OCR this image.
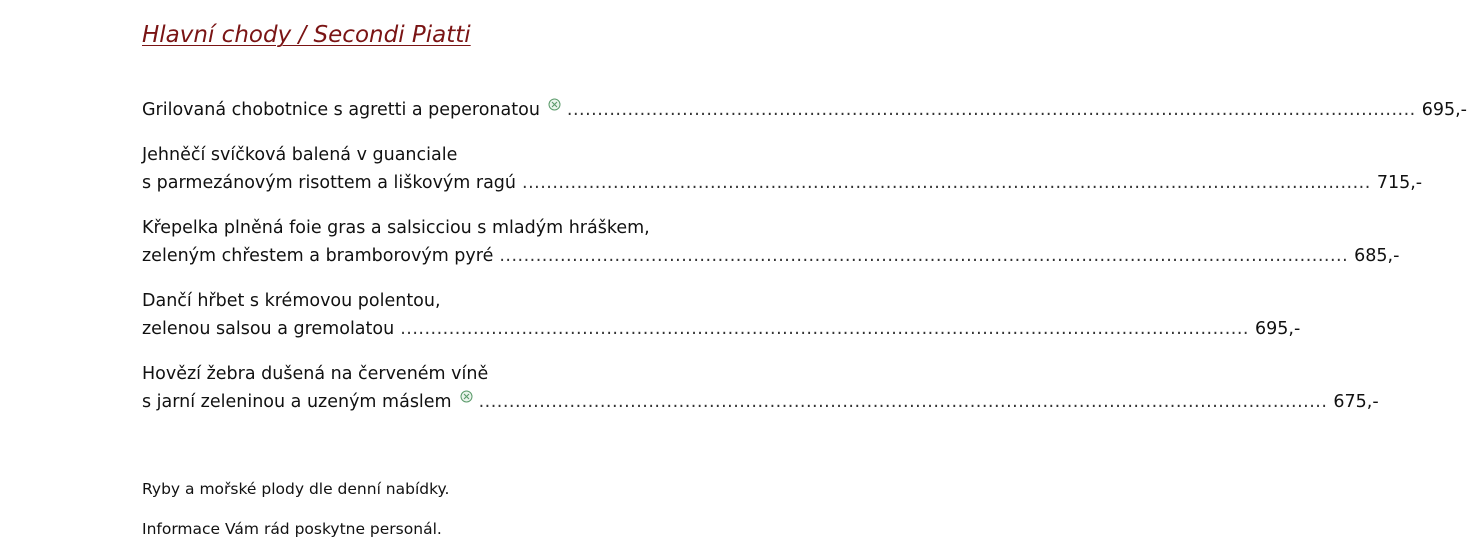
Hlavní chody / Secondi Piatti
Grilovaná chobotnice s agretti a peperonatou	............................................................................................................................................ 695,-
Jehněčí svíčková balená v guanciale
s parmezánovým risottem a liškovým ragú ............................................................................................................................................ 715,-
Křepelka plněná foie gras a salsicciou s mladým hráškem,
zeleným chřestem a bramborovým pyré ............................................................................................................................................ 685,-
Dančí hřbet s krémovou polentou,
zelenou salsou a gremolatou ............................................................................................................................................ 695,-
Hovězí žebra dušená na červeném víně
s jarní zeleninou a uzeným máslem	............................................................................................................................................ 675,-

Ryby a mořské plody dle denní nabídky.

Informace Vám rád poskytne personál.
